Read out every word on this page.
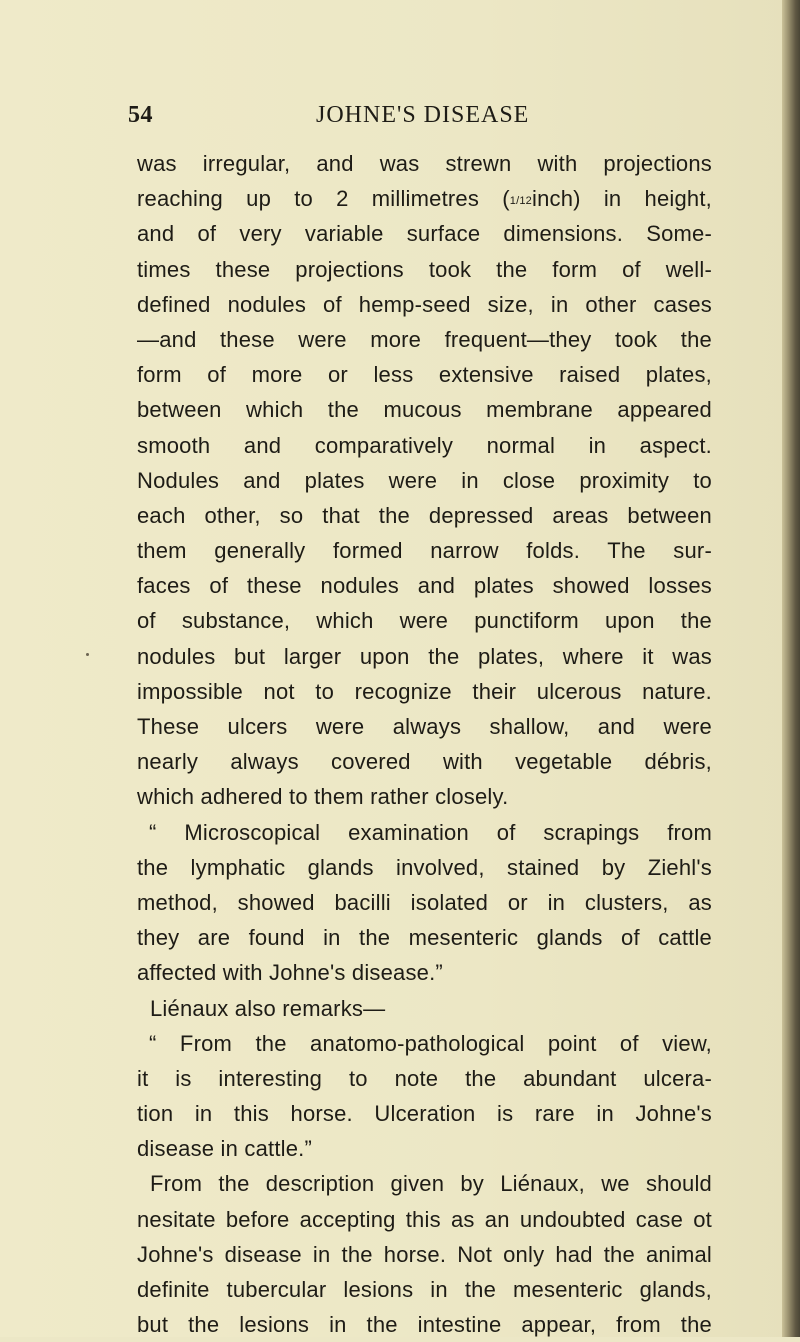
54	JOHNE'S DISEASE
was irregular, and was strewn with projections
reaching up to 2 millimetres (1/12inch) in height,
and of very variable surface dimensions. Some-
times these projections took the form of well-
defined nodules of hemp-seed size, in other cases
—and these were more frequent—they took the
form of more or less extensive raised plates,
between which the mucous membrane appeared
smooth and comparatively normal in aspect.
Nodules and plates were in close proximity to
each other, so that the depressed areas between
them generally formed narrow folds. The sur-
faces of these nodules and plates showed losses
of substance, which were punctiform upon the
nodules but larger upon the plates, where it was
impossible not to recognize their ulcerous nature.
These ulcers were always shallow, and were
nearly always covered with vegetable débris,
which adhered to them rather closely.
“ Microscopical examination of scrapings from
the lymphatic glands involved, stained by Ziehl's
method, showed bacilli isolated or in clusters, as
they are found in the mesenteric glands of cattle
affected with Johne's disease.”
Liénaux also remarks—
“ From the anatomo-pathological point of view,
it is interesting to note the abundant ulcera-
tion in this horse. Ulceration is rare in Johne's
disease in cattle.”
From the description given by Liénaux, we should
nesitate before accepting this as an undoubted case ot
Johne's disease in the horse. Not only had the animal
definite tubercular lesions in the mesenteric glands,
but the lesions in the intestine appear, from the
